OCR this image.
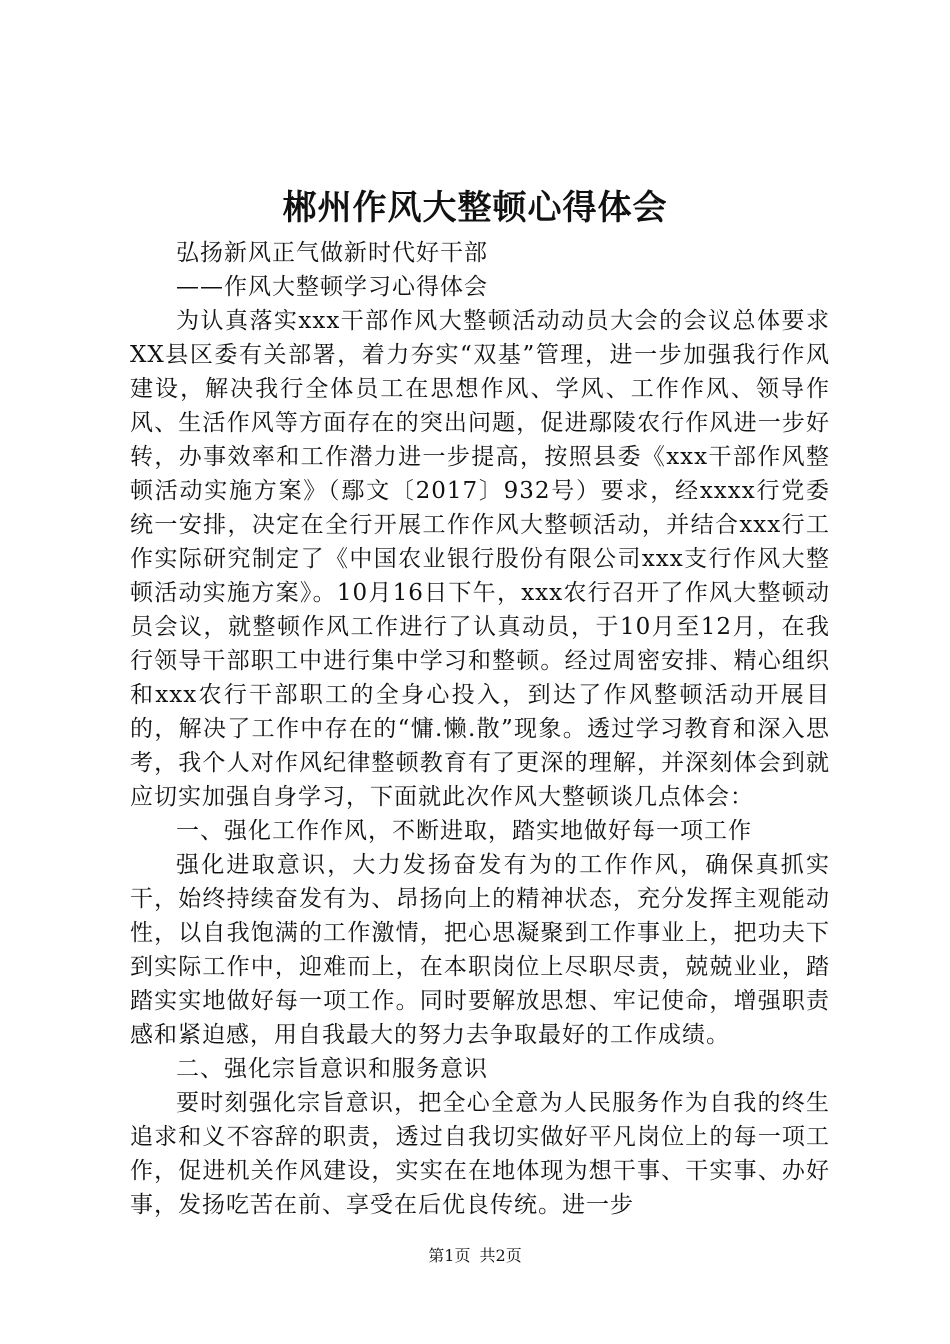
郴州作风大整顿心得体会

弘扬新风正气做新时代好干部

——作风大整顿学习心得体会

为认真落实xxx干部作风大整顿活动动员大会的会议总体要求XX县区委有关部署，着力夯实“双基”管理，进一步加强我行作风建设，解决我行全体员工在思想作风、学风、工作作风、领导作风、生活作风等方面存在的突出问题，促进鄢陵农行作风进一步好转，办事效率和工作潜力进一步提高，按照县委《xxx干部作风整顿活动实施方案》（鄢文〔2017〕932号）要求，经xxxx行党委统一安排，决定在全行开展工作作风大整顿活动，并结合xxx行工作实际研究制定了《中国农业银行股份有限公司xxx支行作风大整顿活动实施方案》。10月16日下午，xxx农行召开了作风大整顿动员会议，就整顿作风工作进行了认真动员，于10月至12月，在我行领导干部职工中进行集中学习和整顿。经过周密安排、精心组织和xxx农行干部职工的全身心投入，到达了作风整顿活动开展目的，解决了工作中存在的“慵.懒.散”现象。透过学习教育和深入思考，我个人对作风纪律整顿教育有了更深的理解，并深刻体会到就应切实加强自身学习，下面就此次作风大整顿谈几点体会：

一、强化工作作风，不断进取，踏实地做好每一项工作

强化进取意识，大力发扬奋发有为的工作作风，确保真抓实干，始终持续奋发有为、昂扬向上的精神状态，充分发挥主观能动性，以自我饱满的工作激情，把心思凝聚到工作事业上，把功夫下到实际工作中，迎难而上，在本职岗位上尽职尽责，兢兢业业，踏踏实实地做好每一项工作。同时要解放思想、牢记使命，增强职责感和紧迫感，用自我最大的努力去争取最好的工作成绩。

二、强化宗旨意识和服务意识

要时刻强化宗旨意识，把全心全意为人民服务作为自我的终生追求和义不容辞的职责，透过自我切实做好平凡岗位上的每一项工作，促进机关作风建设，实实在在地体现为想干事、干实事、办好事，发扬吃苦在前、享受在后优良传统。进一步

第1页 共2页
